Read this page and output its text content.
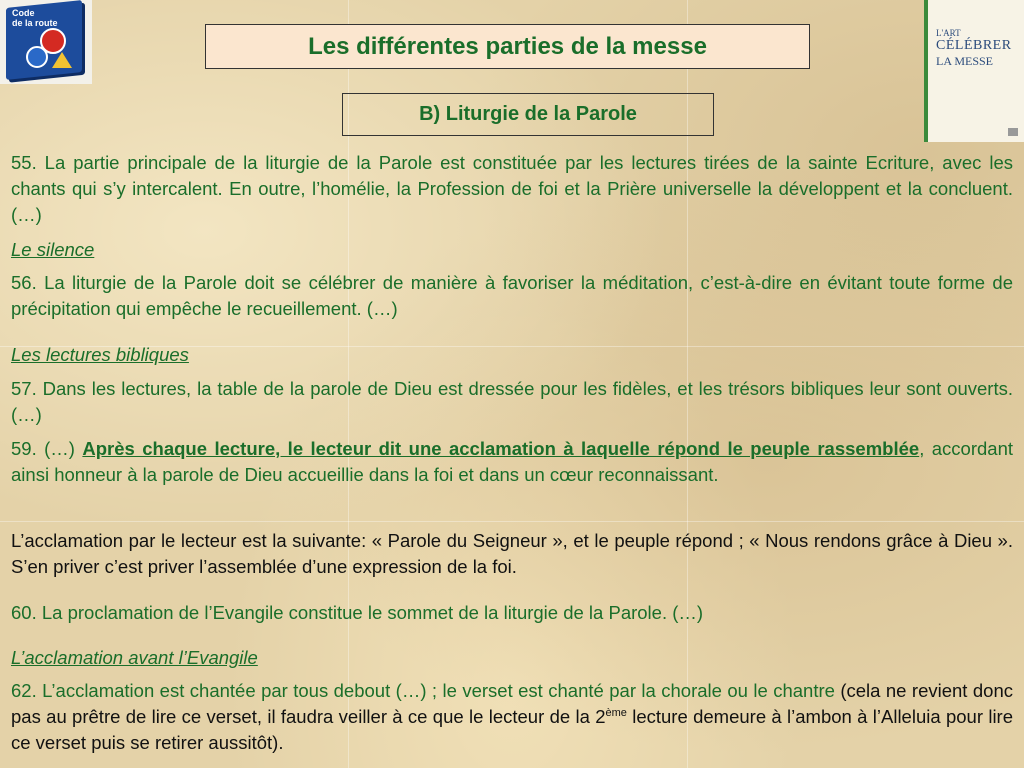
Code
de la route
L'ART
CÉLÉBRER
LA MESSE
Les différentes parties de la messe
B) Liturgie de la Parole
55. La partie principale de la liturgie de la Parole est constituée par les lectures tirées de la sainte Ecriture, avec les chants qui s’y intercalent. En outre, l’homélie, la Profession de foi et la Prière universelle la développent et la concluent. (…)
Le silence
56. La liturgie de la Parole doit se célébrer de manière à favoriser la méditation, c’est-à-dire en évitant toute forme de précipitation qui empêche le recueillement. (…)
Les lectures bibliques
57. Dans les lectures, la table de la parole de Dieu est dressée pour les fidèles, et les trésors bibliques leur sont ouverts. (…)
59. (…) Après chaque lecture, le lecteur dit une acclamation à laquelle répond le peuple rassemblée, accordant ainsi honneur à la parole de Dieu accueillie dans la foi et dans un cœur reconnaissant.
L’acclamation par le lecteur est la suivante: « Parole du Seigneur », et le peuple répond ; « Nous rendons grâce à Dieu ». S’en priver c’est priver l’assemblée d’une expression de la foi.
60. La proclamation de l’Evangile constitue le sommet de la liturgie de la Parole. (…)
L’acclamation avant l’Evangile
62. L’acclamation est chantée par tous debout (…) ; le verset est chanté par la chorale ou le chantre (cela ne revient donc pas au prêtre de lire ce verset, il faudra veiller à ce que le lecteur de la 2ème lecture demeure à l’ambon à l’Alleluia pour lire ce verset puis se retirer aussitôt).
